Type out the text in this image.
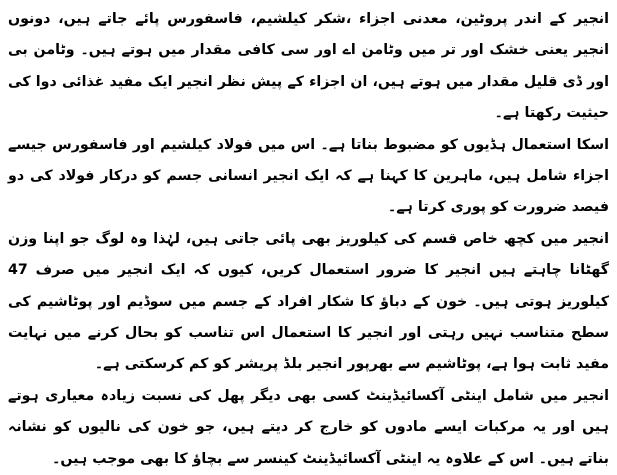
انجیر کے اندر پروٹین، معدنی اجزاء ،شکر کیلشیم، فاسفورس پائے جاتے ہیں، دونوں انجیر یعنی خشک اور تر میں وٹامن اے اور سی کافی مقدار میں ہوتے ہیں۔ وٹامن بی اور ڈی قلیل مقدار میں ہوتے ہیں، ان اجزاء کے پیش نظر انجیر ایک مفید غذائی دوا کی حیثیت رکھتا ہے۔

اسکا استعمال ہڈیوں کو مضبوط بناتا ہے۔ اس میں فولاد کیلشیم اور فاسفورس جیسے اجزاء شامل ہیں، ماہرین کا کہنا ہے کہ ایک انجیر انسانی جسم کو درکار فولاد کی دو فیصد ضرورت کو پوری کرتا ہے۔

انجیر میں کچھ خاص قسم کی کیلوریز بھی پائی جاتی ہیں، لہٰذا وہ لوگ جو اپنا وزن گھٹانا چاہتے ہیں انجیر کا ضرور استعمال کریں، کیوں کہ ایک انجیر میں صرف 47 کیلوریز ہوتی ہیں۔ خون کے دباؤ کا شکار افراد کے جسم میں سوڈیم اور پوٹاشیم کی سطح متناسب نہیں رہتی اور انجیر کا استعمال اس تناسب کو بحال کرنے میں نہایت مفید ثابت ہوا ہے، پوٹاشیم سے بھرپور انجیر بلڈ پریشر کو کم کرسکتی ہے۔

انجیر میں شامل اینٹی آکسائیڈینٹ کسی بھی دیگر پھل کی نسبت زیادہ معیاری ہوتے ہیں اور یہ مرکبات ایسے مادوں کو خارج کر دیتے ہیں، جو خون کی نالیوں کو نشانہ بناتے ہیں۔ اس کے علاوہ یہ اینٹی آکسائیڈینٹ کینسر سے بچاؤ کا بھی موجب ہیں۔
